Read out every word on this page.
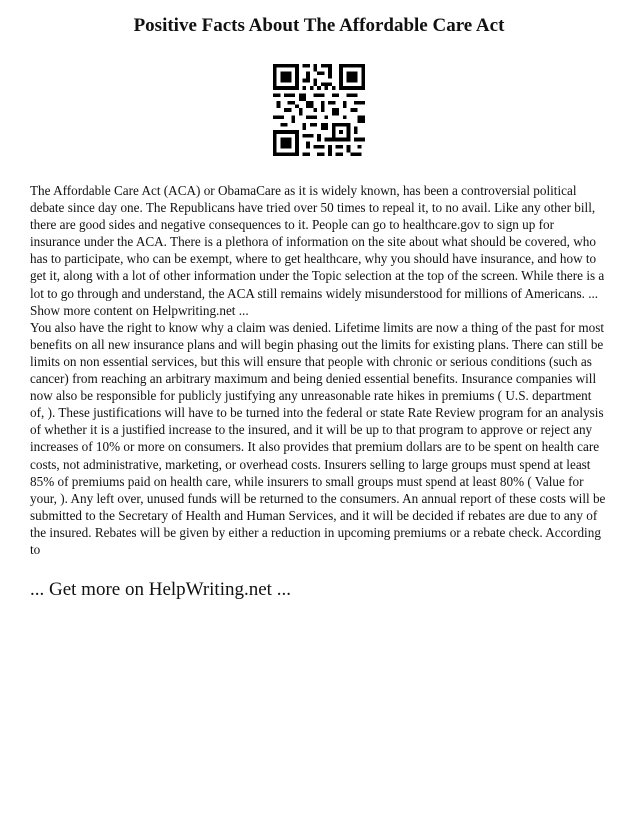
Positive Facts About The Affordable Care Act

The Affordable Care Act (ACA) or ObamaCare as it is widely known, has been a controversial political debate since day one. The Republicans have tried over 50 times to repeal it, to no avail. Like any other bill, there are good sides and negative consequences to it. People can go to healthcare.gov to sign up for insurance under the ACA. There is a plethora of information on the site about what should be covered, who has to participate, who can be exempt, where to get healthcare, why you should have insurance, and how to get it, along with a lot of other information under the Topic selection at the top of the screen. While there is a lot to go through and understand, the ACA still remains widely misunderstood for millions of Americans. ... Show more content on Helpwriting.net ...

You also have the right to know why a claim was denied. Lifetime limits are now a thing of the past for most benefits on all new insurance plans and will begin phasing out the limits for existing plans. There can still be limits on non essential services, but this will ensure that people with chronic or serious conditions (such as cancer) from reaching an arbitrary maximum and being denied essential benefits. Insurance companies will now also be responsible for publicly justifying any unreasonable rate hikes in premiums ( U.S. department of, ). These justifications will have to be turned into the federal or state Rate Review program for an analysis of whether it is a justified increase to the insured, and it will be up to that program to approve or reject any increases of 10% or more on consumers. It also provides that premium dollars are to be spent on health care costs, not administrative, marketing, or overhead costs. Insurers selling to large groups must spend at least 85% of premiums paid on health care, while insurers to small groups must spend at least 80% ( Value for your, ). Any left over, unused funds will be returned to the consumers. An annual report of these costs will be submitted to the Secretary of Health and Human Services, and it will be decided if rebates are due to any of the insured. Rebates will be given by either a reduction in upcoming premiums or a rebate check. According to

... Get more on HelpWriting.net ...
